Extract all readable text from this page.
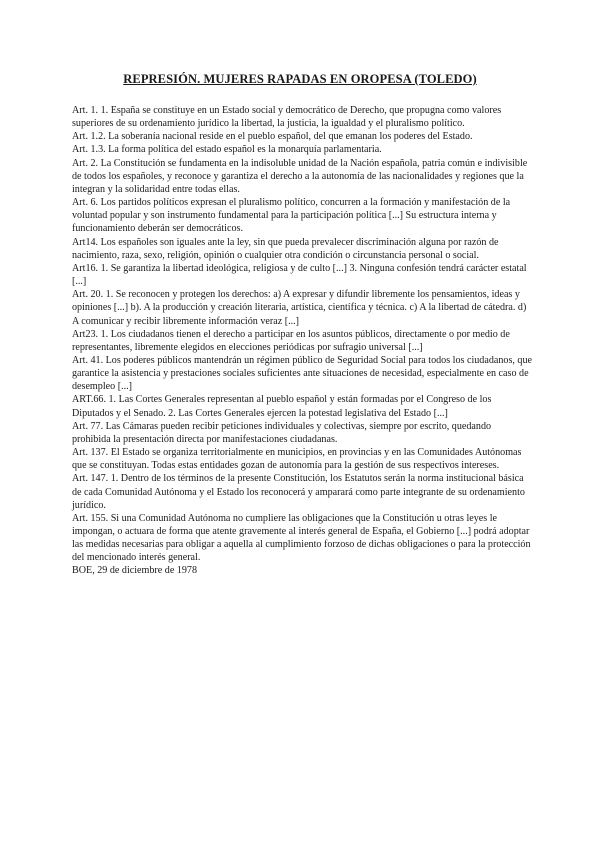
REPRESIÓN. MUJERES RAPADAS EN OROPESA (TOLEDO)

Art. 1. 1. España se constituye en un Estado social y democrático de Derecho, que propugna como valores superiores de su ordenamiento jurídico la libertad, la justicia, la igualdad y el pluralismo político.

Art. 1.2. La soberanía nacional reside en el pueblo español, del que emanan los poderes del Estado.

Art. 1.3. La forma política del estado español es la monarquía parlamentaria.

Art. 2. La Constitución se fundamenta en la indisoluble unidad de la Nación española, patria común e indivisible de todos los españoles, y reconoce y garantiza el derecho a la autonomía de las nacionalidades y regiones que la integran y la solidaridad entre todas ellas.

Art. 6. Los partidos políticos expresan el pluralismo político, concurren a la formación y manifestación de la voluntad popular y son instrumento fundamental para la participación política [...] Su estructura interna y funcionamiento deberán ser democráticos.

Art14. Los españoles son iguales ante la ley, sin que pueda prevalecer discriminación alguna por razón de nacimiento, raza, sexo, religión, opinión o cualquier otra condición o circunstancia personal o social.

Art16. 1. Se garantiza la libertad ideológica, religiosa y de culto [...] 3. Ninguna confesión tendrá carácter estatal [...]

Art. 20. 1. Se reconocen y protegen los derechos: a) A expresar y difundir libremente los pensamientos, ideas y opiniones [...] b). A la producción y creación literaria, artística, científica y técnica. c) A la libertad de cátedra. d) A comunicar y recibir libremente información veraz [...]

Art23. 1. Los ciudadanos tienen el derecho a participar en los asuntos públicos, directamente o por medio de representantes, libremente elegidos en elecciones periódicas por sufragio universal [...]

Art. 41. Los poderes públicos mantendrán un régimen público de Seguridad Social para todos los ciudadanos, que garantice la asistencia y prestaciones sociales suficientes ante situaciones de necesidad, especialmente en caso de desempleo [...]

ART.66. 1. Las Cortes Generales representan al pueblo español y están formadas por el Congreso de los Diputados y el Senado. 2. Las Cortes Generales ejercen la potestad legislativa del Estado [...]

Art. 77. Las Cámaras pueden recibir peticiones individuales y colectivas, siempre por escrito, quedando prohibida la presentación directa por manifestaciones ciudadanas.

Art. 137. El Estado se organiza territorialmente en municipios, en provincias y en las Comunidades Autónomas que se constituyan. Todas estas entidades gozan de autonomía para la gestión de sus respectivos intereses.

Art. 147. 1. Dentro de los términos de la presente Constitución, los Estatutos serán la norma institucional básica de cada Comunidad Autónoma y el Estado los reconocerá y amparará como parte integrante de su ordenamiento jurídico.

Art. 155. Si una Comunidad Autónoma no cumpliere las obligaciones que la Constitución u otras leyes le impongan, o actuara de forma que atente gravemente al interés general de España, el Gobierno [...] podrá adoptar las medidas necesarias para obligar a aquella al cumplimiento forzoso de dichas obligaciones o para la protección del mencionado interés general.

BOE, 29 de diciembre de 1978
